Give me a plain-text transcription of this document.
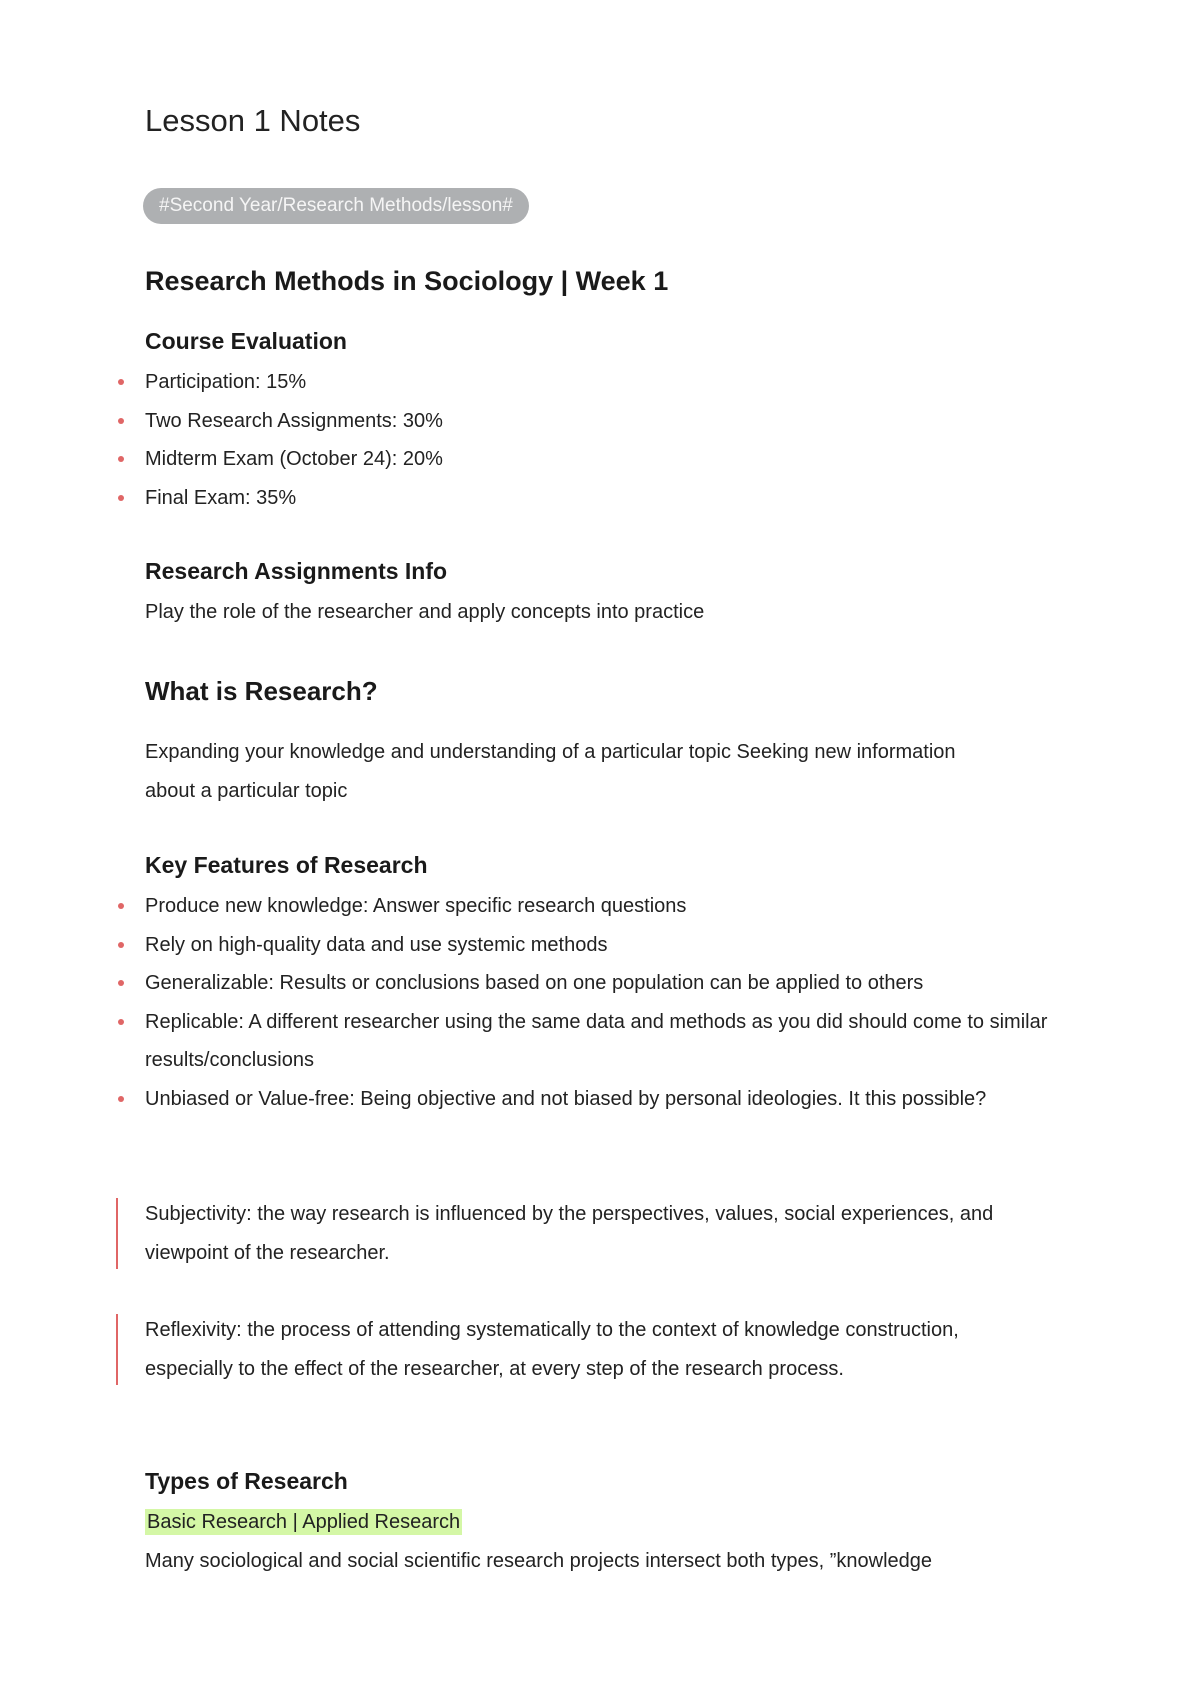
Lesson 1 Notes
#Second Year/Research Methods/lesson#
Research Methods in Sociology | Week 1
Course Evaluation
Participation: 15%
Two Research Assignments: 30%
Midterm Exam (October 24): 20%
Final Exam: 35%
Research Assignments Info

Play the role of the researcher and apply concepts into practice

What is Research?

Expanding your knowledge and understanding of a particular topic Seeking new information about a particular topic

Key Features of Research
Produce new knowledge: Answer specific research questions
Rely on high-quality data and use systemic methods
Generalizable: Results or conclusions based on one population can be applied to others
Replicable: A different researcher using the same data and methods as you did should come to similar results/conclusions
Unbiased or Value-free: Being objective and not biased by personal ideologies. It this possible?
Subjectivity: the way research is influenced by the perspectives, values, social experiences, and viewpoint of the researcher.
Reflexivity: the process of attending systematically to the context of knowledge construction, especially to the effect of the researcher, at every step of the research process.
Types of Research

Basic Research | Applied Research

Many sociological and social scientific research projects intersect both types, ”knowledge
